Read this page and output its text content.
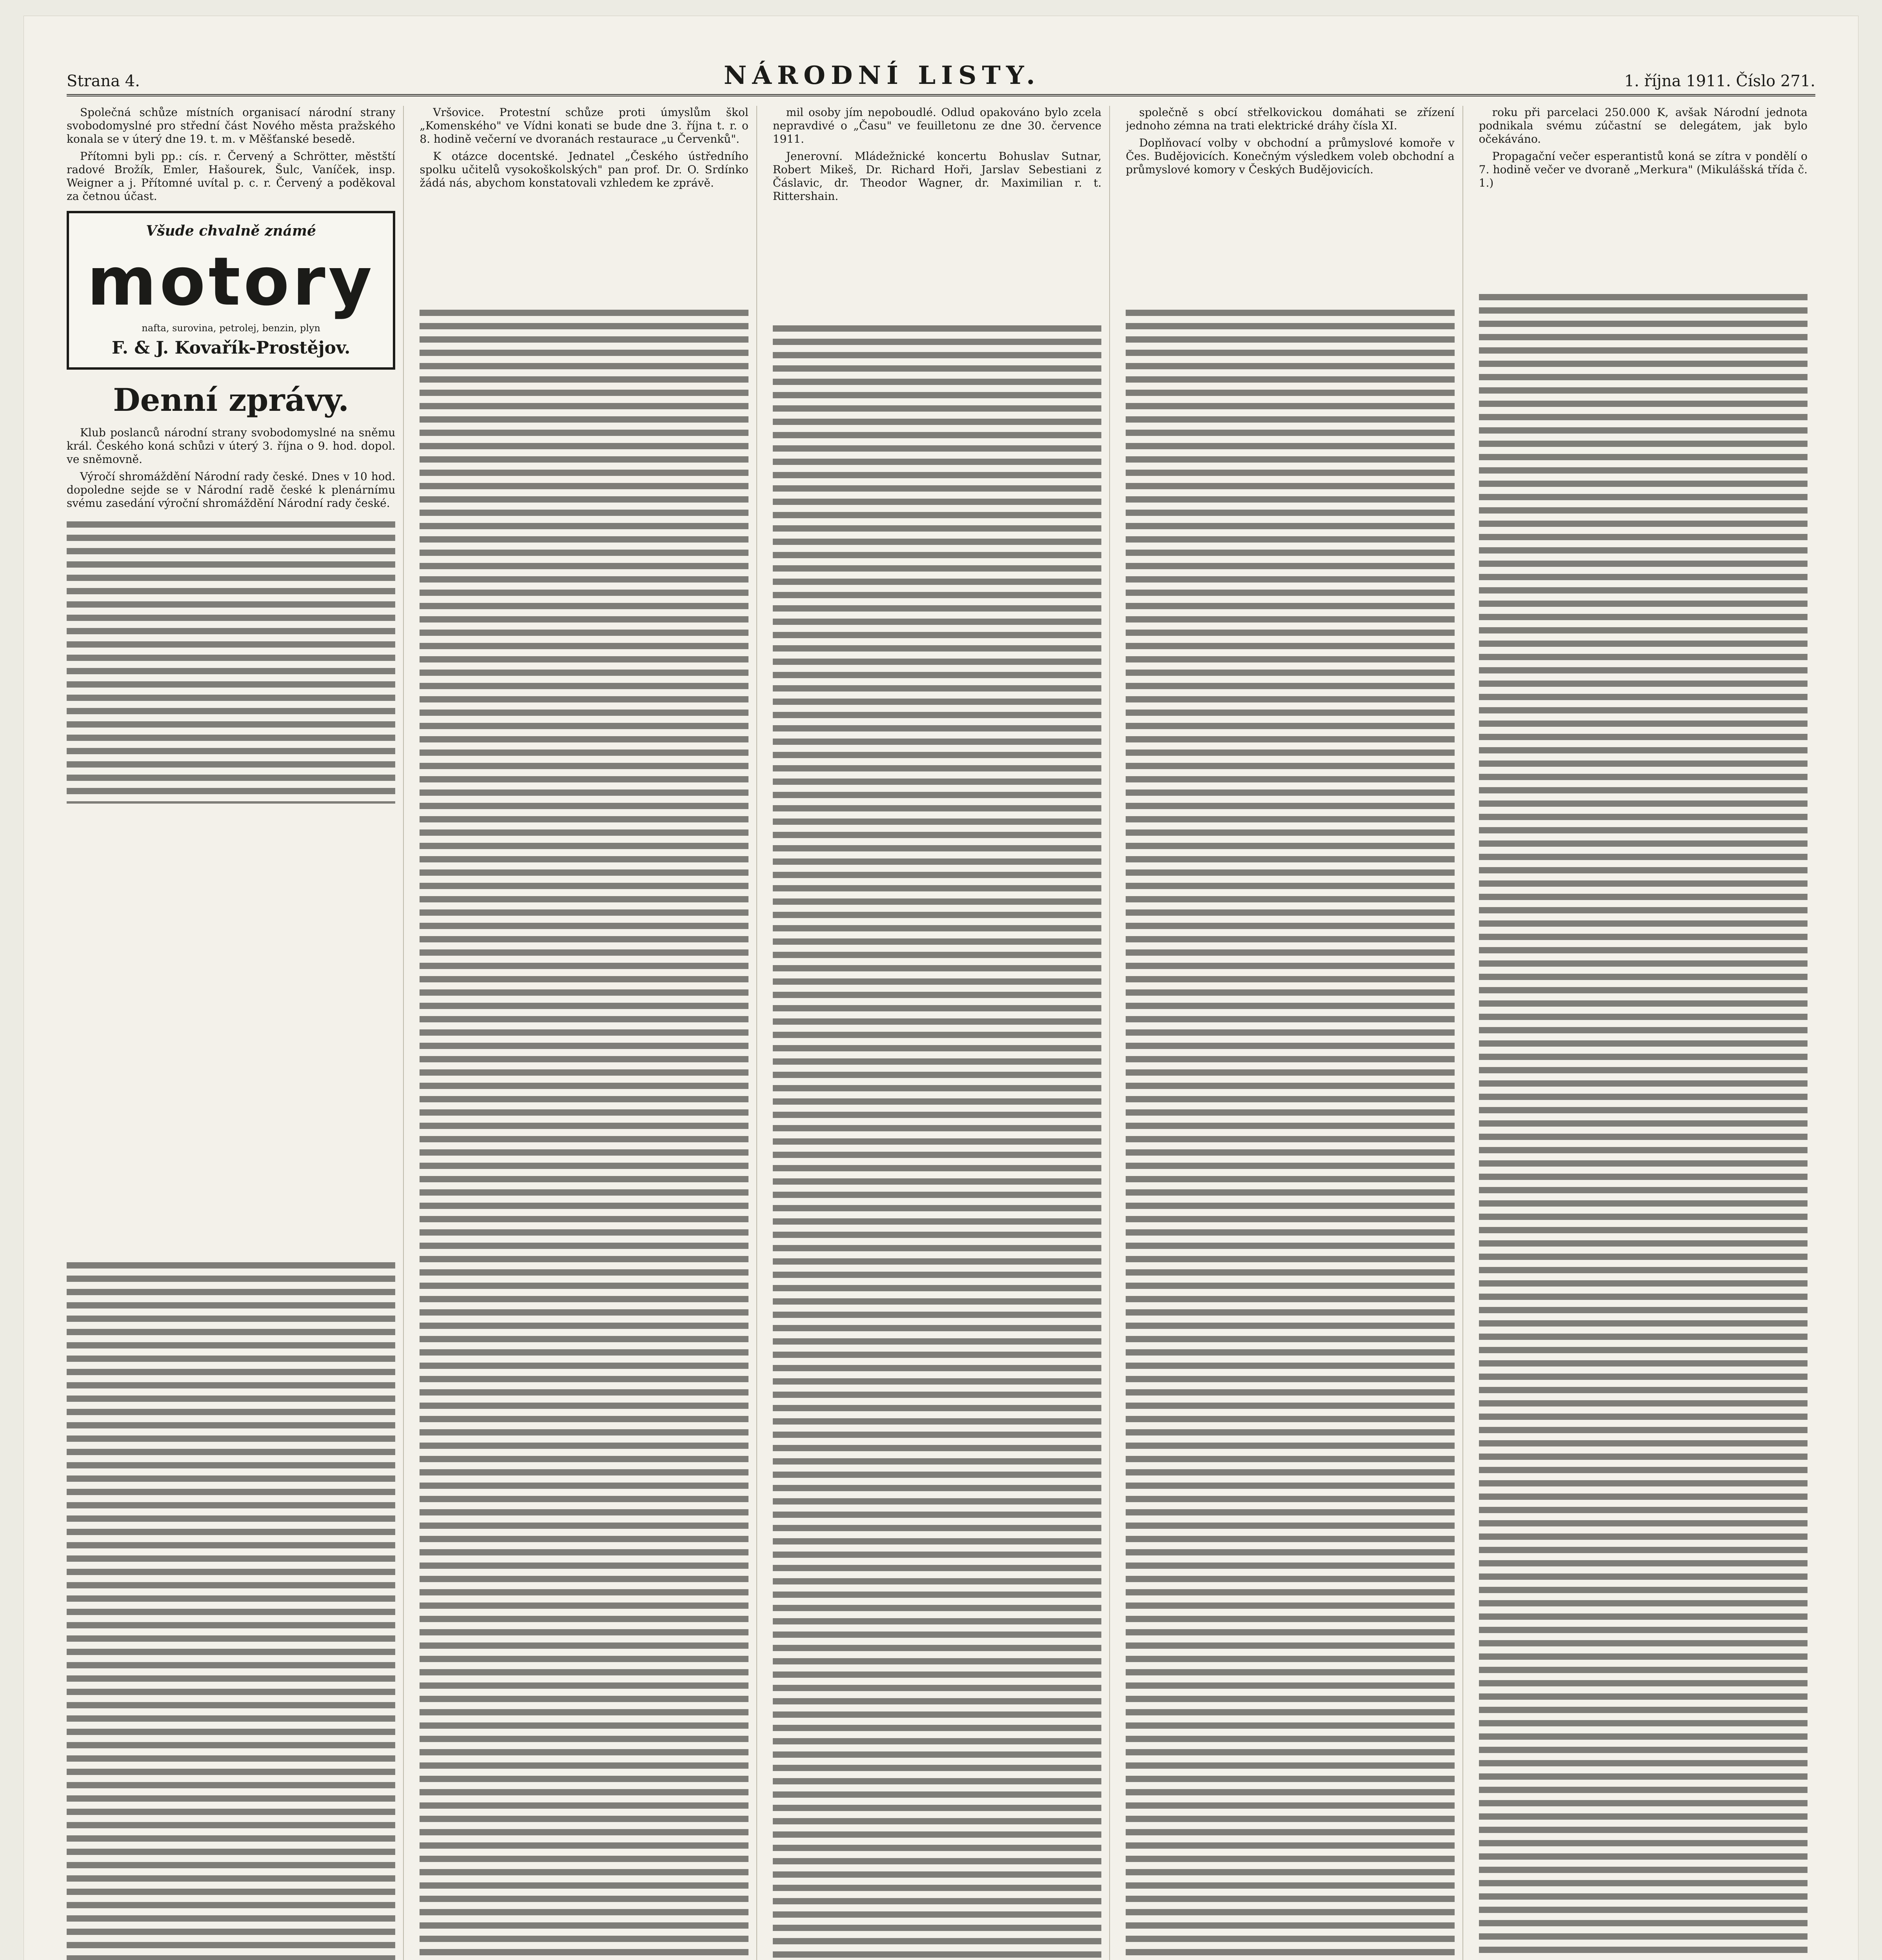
Strana 4.	NÁRODNÍ LISTY.	1. října 1911. Číslo 271.

Společná schůze místních organisací národní strany svobodomyslné pro střední část Nového města pražského konala se v úterý dne 19. t. m. v Měšťanské besedě.

Přítomni byli pp.: cís. r. Červený a Schrötter, městští radové Brožík, Emler, Hašourek, Šulc, Vaníček, insp. Weigner a j. Přítomné uvítal p. c. r. Červený a poděkoval za četnou účast.

Všude chvalně známé
motory
nafta, surovina, petrolej, benzin, plyn
F. & J. Kovařík-Prostějov.
Denní zprávy.

Klub poslanců národní strany svobodomyslné na sněmu král. Českého koná schůzi v úterý 3. října o 9. hod. dopol. ve sněmovně.

Výročí shromáždění Národní rady české. Dnes v 10 hod. dopoledne sejde se v Národní radě české k plenárnímu svému zasedání výroční shromáždění Národní rady české.

Vršovice. Protestní schůze proti úmyslům škol „Komenského" ve Vídni konati se bude dne 3. října t. r. o 8. hodině večerní ve dvoranách restaurace „u Červenků".

K otázce docentské. Jednatel „Českého ústředního spolku učitelů vysokoškolských" pan prof. Dr. O. Srdínko žádá nás, abychom konstatovali vzhledem ke zprávě.

mil osoby jím nepoboudlé. Odlud opakováno bylo zcela nepravdivé o „Času" ve feuilletonu ze dne 30. července 1911.

Jenerovní. Mládežnické koncertu Bohuslav Sutnar, Robert Mikeš, Dr. Richard Hoři, Jarslav Sebestiani z Čáslavic, dr. Theodor Wagner, dr. Maximilian r. t. Rittershain.

společně s obcí střelkovickou domáhati se zřízení jednoho zémna na trati elektrické dráhy čísla XI.

Doplňovací volby v obchodní a průmyslové komoře v Čes. Budějovicích. Konečným výsledkem voleb obchodní a průmyslové komory v Českých Budějovicích.

roku při parcelaci 250.000 K, avšak Národní jednota podnikala svému zúčastní se delegátem, jak bylo očekáváno.

Propagační večer esperantistů koná se zítra v pondělí o 7. hodině večer ve dvoraně „Merkura" (Mikulášská třída č. 1.)
